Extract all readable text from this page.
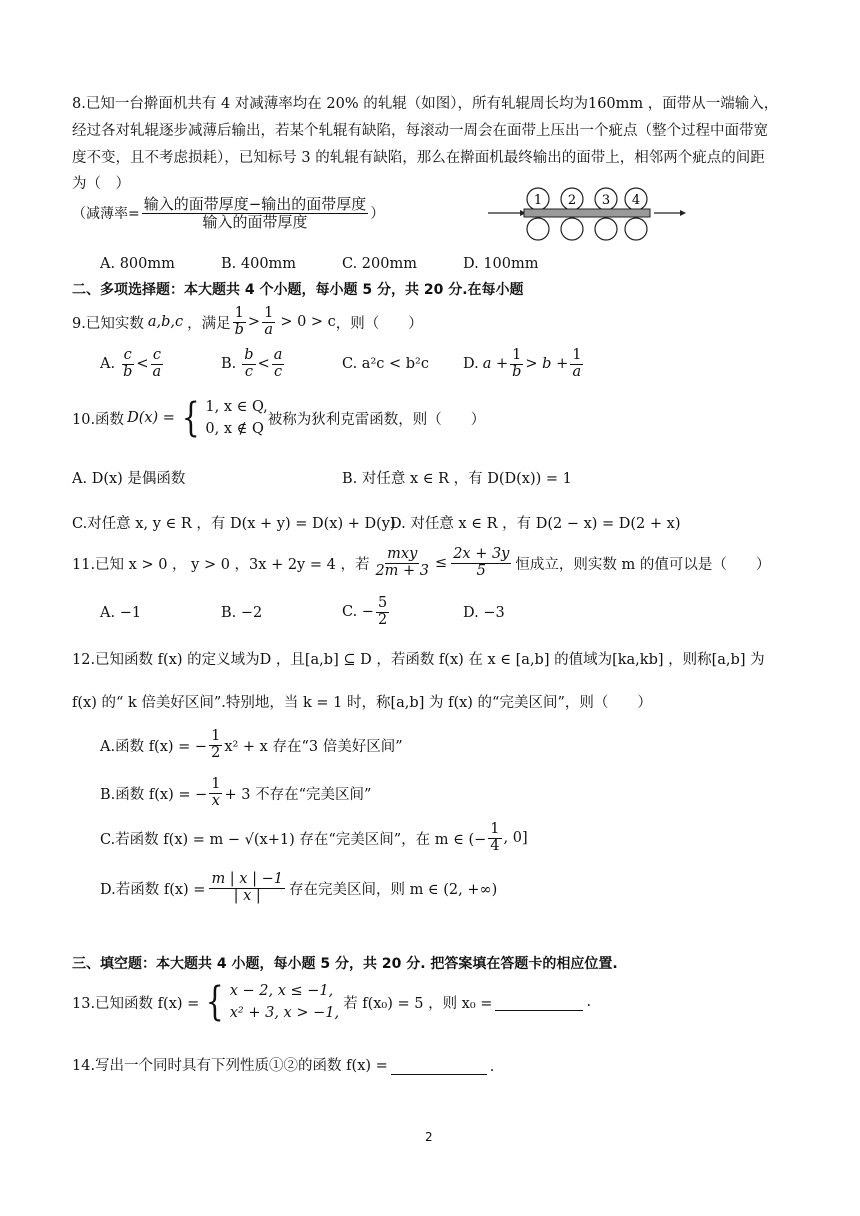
8.已知一台擀面机共有 4 对减薄率均在 20% 的轧辊（如图），所有轧辊周长均为160mm ，面带从一端输入，
经过各对轧辊逐步减薄后输出，若某个轧辊有缺陷，每滚动一周会在面带上压出一个疵点（整个过程中面带宽
度不变，且不考虑损耗），已知标号 3 的轧辊有缺陷，那么在擀面机最终输出的面带上，相邻两个疵点的间距
为（　）
（减薄率= $\frac{\text{输入的面带厚度−输出的面带厚度}}{\text{输入的面带厚度}}$ ）
1 2 3 4
A. 800mm	B. 400mm	C. 200mm	D. 100mm
二、多项选择题：本大题共 4 个小题，每小题 5 分，共 20 分.在每小题
9.已知实数 a,b,c ，满足 $\frac{1}{b} > \frac{1}{a} > 0 > c$ ，则（　　）
A. $\frac{c}{b} < \frac{c}{a}$	B. $\frac{b}{c} < \frac{a}{c}$	C. a²c < b²c D. $a + \frac{1}{b} > b + \frac{1}{a}$
10.函数 D(x) = { 1, x ∈ Q,
0, x ∉ Q
被称为狄利克雷函数，则（　　）
A. D(x) 是偶函数	B. 对任意 x ∈ R ，有 D(D(x)) = 1
C.对任意 x, y ∈ R ，有 D(x + y) = D(x) + D(y)
D. 对任意 x ∈ R ，有 D(2 − x) = D(2 + x)
11.已知 x > 0 ， y > 0 ，3x + 2y = 4 ，若 $\frac{\text{mxy}}{2m + 3} \le \frac{2x + 3y}{5}$ 恒成立，则实数 m 的值可以是（　　）
A. −1	B. −2	C. − $\frac{5}{2}$	D. −3
12.已知函数 f(x) 的定义域为D ，且[a,b] ⊆ D ，若函数 f(x) 在 x ∈ [a,b] 的值域为[ka,kb] ，则称[a,b] 为
f(x) 的“ k 倍美好区间”.特别地，当 k = 1 时，称[a,b] 为 f(x) 的“完美区间”，则（　　）
A.函数 f(x) = − $\frac{1}{2} x^2 + x$ 存在“3 倍美好区间”
B.函数 f(x) = − $\frac{1}{x} + 3$ 不存在“完美区间”
C.若函数 f(x) = m − √(x+1) 存在“完美区间”，在 m ∈ (− $\frac{1}{4}$ , 0]
D.若函数 $f(x) = \frac{m | x | -1}{| x |}$ 存在完美区间，则 m ∈ (2, +∞)
三、填空题：本大题共 4 小题，每小题 5 分，共 20 分. 把答案填在答题卡的相应位置.
13.已知函数 f(x) = { x − 2, x ≤ −1,
x² + 3, x > −1,
若 f(x₀) = 5 ，则 x₀ =	.
14.写出一个同时具有下列性质①②的函数 f(x) =	.
2
